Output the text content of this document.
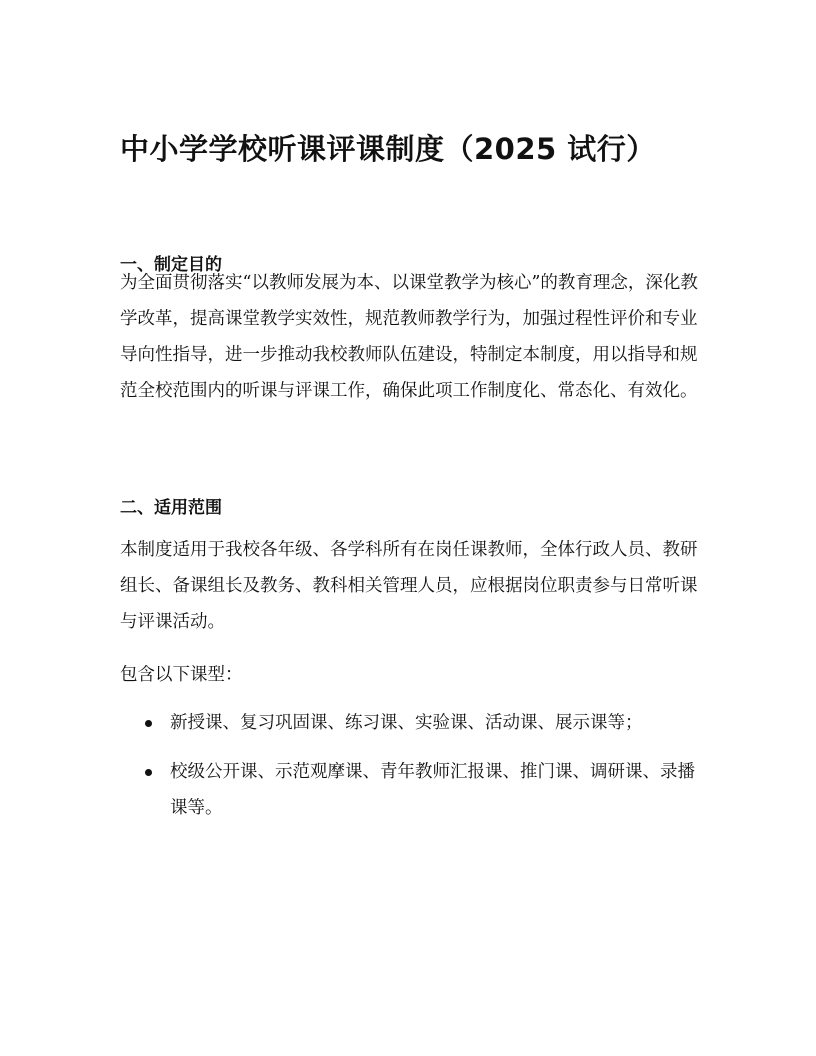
中小学学校听课评课制度（2025 试行）
一、制定目的

为全面贯彻落实“以教师发展为本、以课堂教学为核心”的教育理念，深化教学改革，提高课堂教学实效性，规范教师教学行为，加强过程性评价和专业导向性指导，进一步推动我校教师队伍建设，特制定本制度，用以指导和规范全校范围内的听课与评课工作，确保此项工作制度化、常态化、有效化。

二、适用范围

本制度适用于我校各年级、各学科所有在岗任课教师，全体行政人员、教研组长、备课组长及教务、教科相关管理人员，应根据岗位职责参与日常听课与评课活动。

包含以下课型：

新授课、复习巩固课、练习课、实验课、活动课、展示课等；
校级公开课、示范观摩课、青年教师汇报课、推门课、调研课、录播课等。
